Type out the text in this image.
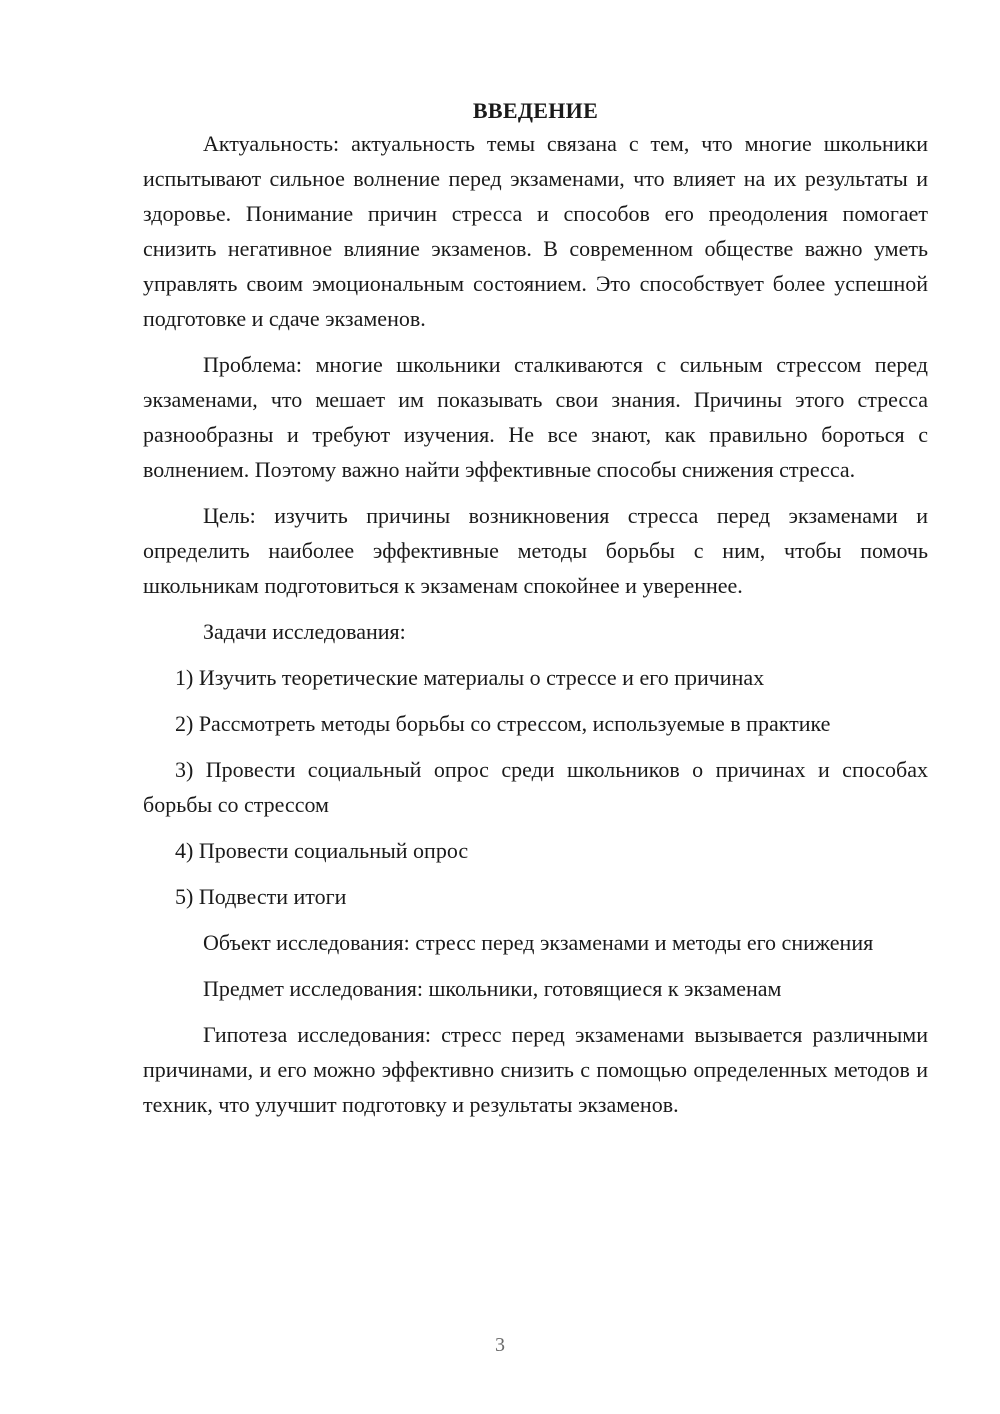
ВВЕДЕНИЕ

Актуальность: актуальность темы связана с тем, что многие школьники испытывают сильное волнение перед экзаменами, что влияет на их результаты и здоровье. Понимание причин стресса и способов его преодоления помогает снизить негативное влияние экзаменов. В современном обществе важно уметь управлять своим эмоциональным состоянием. Это способствует более успешной подготовке и сдаче экзаменов.

Проблема: многие школьники сталкиваются с сильным стрессом перед экзаменами, что мешает им показывать свои знания. Причины этого стресса разнообразны и требуют изучения. Не все знают, как правильно бороться с волнением. Поэтому важно найти эффективные способы снижения стресса.

Цель: изучить причины возникновения стресса перед экзаменами и определить наиболее эффективные методы борьбы с ним, чтобы помочь школьникам подготовиться к экзаменам спокойнее и увереннее.

Задачи исследования:

1) Изучить теоретические материалы о стрессе и его причинах

2) Рассмотреть методы борьбы со стрессом, используемые в практике

3) Провести социальный опрос среди школьников о причинах и способах борьбы со стрессом

4) Провести социальный опрос

5) Подвести итоги

Объект исследования: стресс перед экзаменами и методы его снижения

Предмет исследования: школьники, готовящиеся к экзаменам

Гипотеза исследования: стресс перед экзаменами вызывается различными причинами, и его можно эффективно снизить с помощью определенных методов и техник, что улучшит подготовку и результаты экзаменов.

3
